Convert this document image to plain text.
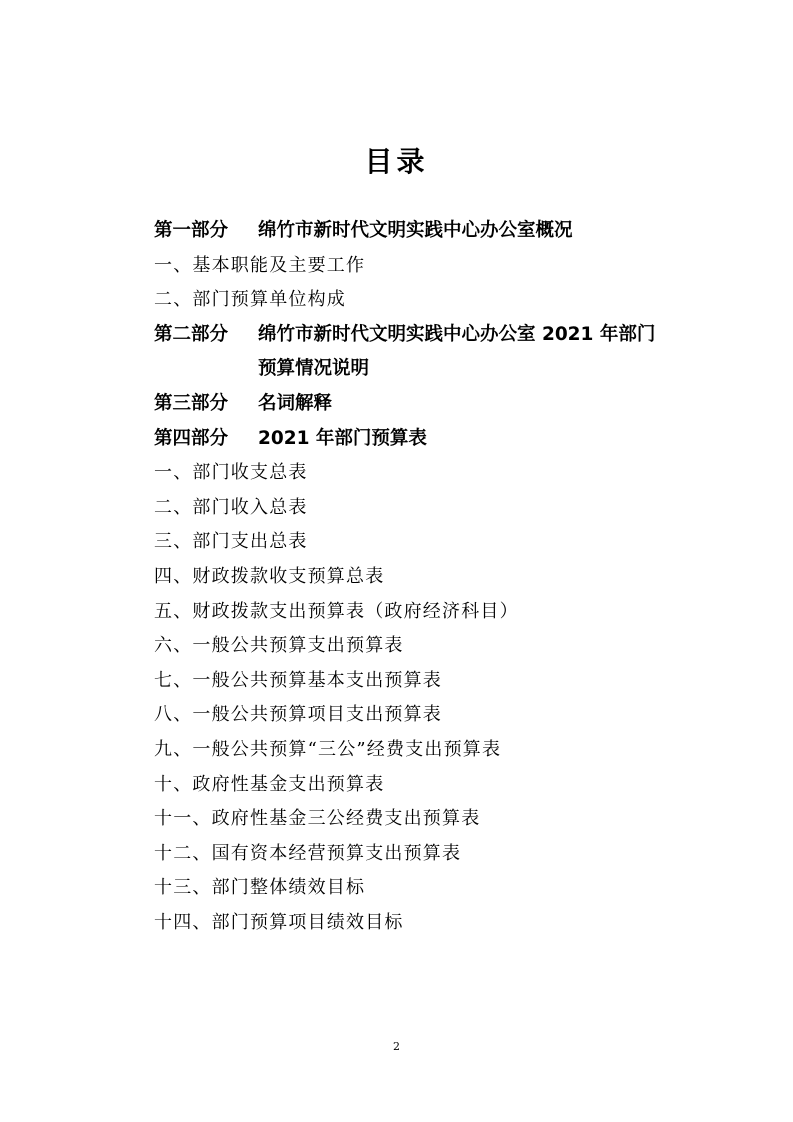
目录
第一部分 绵竹市新时代文明实践中心办公室概况
一、基本职能及主要工作
二、部门预算单位构成
第二部分 绵竹市新时代文明实践中心办公室 2021 年部门
预算情况说明
第三部分 名词解释
第四部分 2021 年部门预算表
一、部门收支总表
二、部门收入总表
三、部门支出总表
四、财政拨款收支预算总表
五、财政拨款支出预算表（政府经济科目）
六、一般公共预算支出预算表
七、一般公共预算基本支出预算表
八、一般公共预算项目支出预算表
九、一般公共预算“三公”经费支出预算表
十、政府性基金支出预算表
十一、政府性基金三公经费支出预算表
十二、国有资本经营预算支出预算表
十三、部门整体绩效目标
十四、部门预算项目绩效目标
2
